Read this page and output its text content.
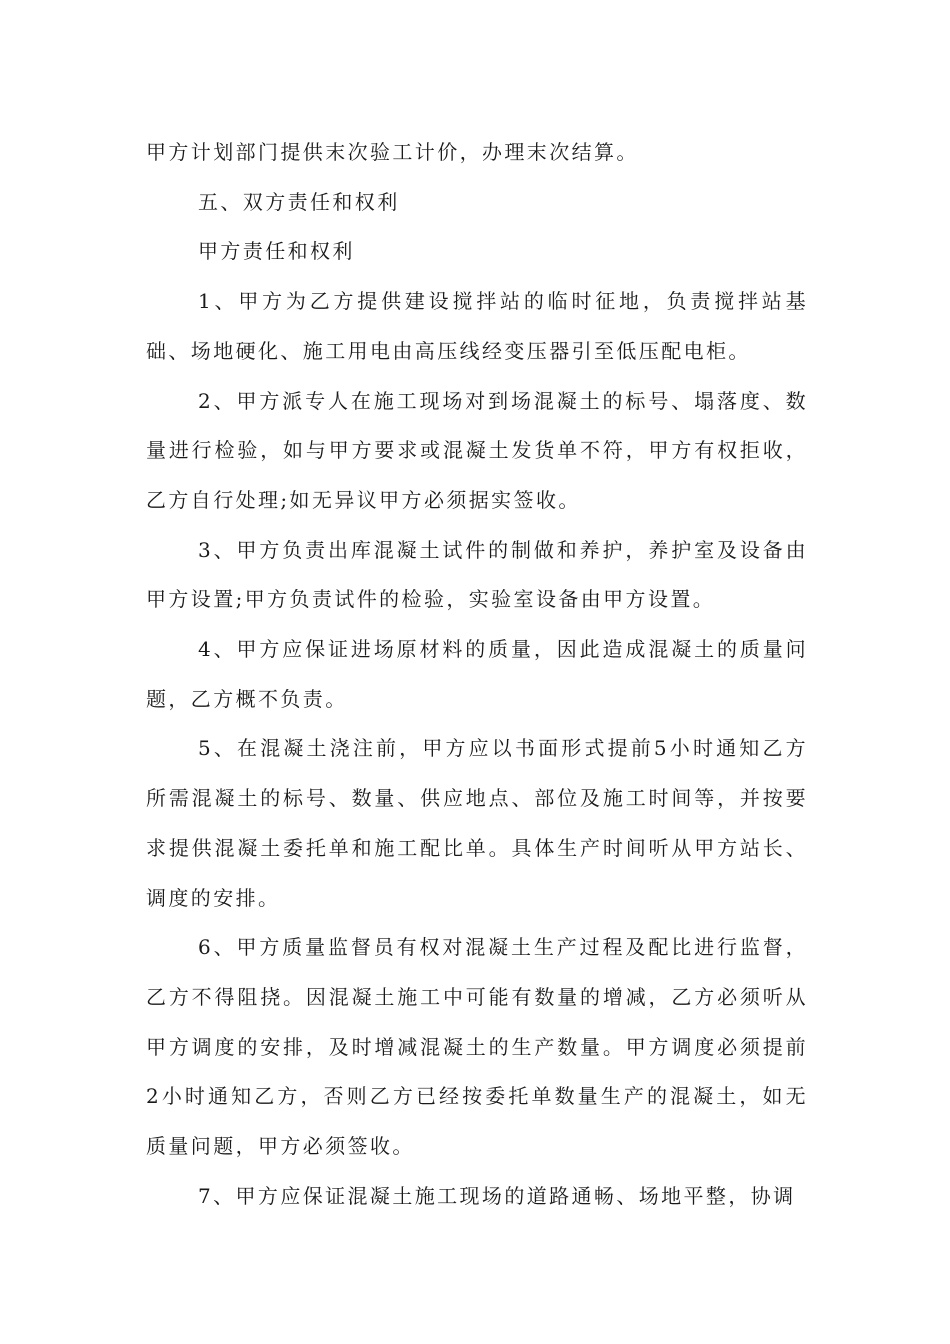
甲方计划部门提供末次验工计价，办理末次结算。

五、双方责任和权利

甲方责任和权利

1、甲方为乙方提供建设搅拌站的临时征地，负责搅拌站基础、场地硬化、施工用电由高压线经变压器引至低压配电柜。

2、甲方派专人在施工现场对到场混凝土的标号、塌落度、数量进行检验，如与甲方要求或混凝土发货单不符，甲方有权拒收，乙方自行处理;如无异议甲方必须据实签收。

3、甲方负责出库混凝土试件的制做和养护，养护室及设备由甲方设置;甲方负责试件的检验，实验室设备由甲方设置。

4、甲方应保证进场原材料的质量，因此造成混凝土的质量问题，乙方概不负责。

5、在混凝土浇注前，甲方应以书面形式提前5小时通知乙方所需混凝土的标号、数量、供应地点、部位及施工时间等，并按要求提供混凝土委托单和施工配比单。具体生产时间听从甲方站长、调度的安排。

6、甲方质量监督员有权对混凝土生产过程及配比进行监督，乙方不得阻挠。因混凝土施工中可能有数量的增减，乙方必须听从甲方调度的安排，及时增减混凝土的生产数量。甲方调度必须提前2小时通知乙方，否则乙方已经按委托单数量生产的混凝土，如无质量问题，甲方必须签收。

7、甲方应保证混凝土施工现场的道路通畅、场地平整，协调
